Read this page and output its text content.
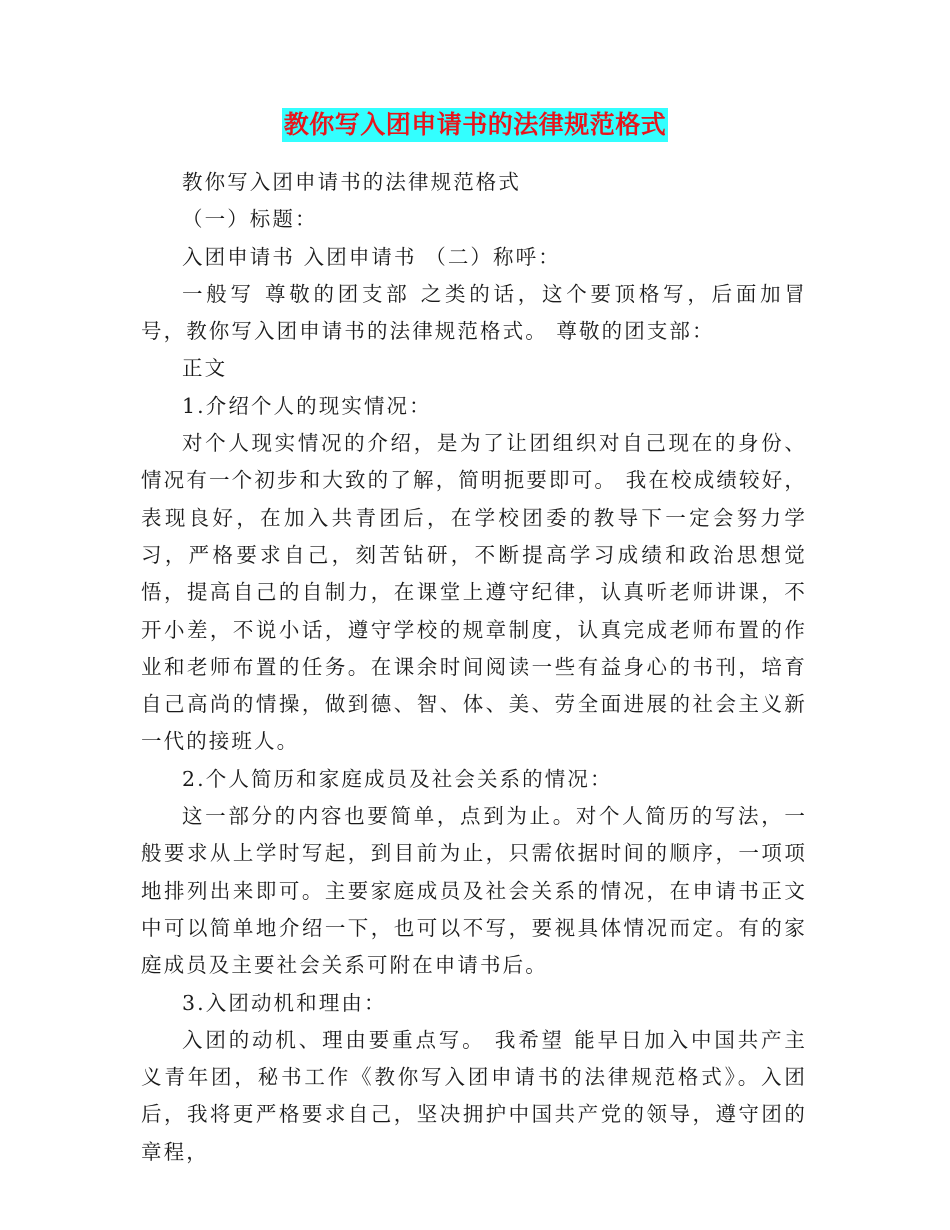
教你写入团申请书的法律规范格式

教你写入团申请书的法律规范格式

（一）标题：

入团申请书 入团申请书 （二）称呼：

一般写 尊敬的团支部 之类的话，这个要顶格写，后面加冒号，教你写入团申请书的法律规范格式。 尊敬的团支部：

正文

1.介绍个人的现实情况：

对个人现实情况的介绍，是为了让团组织对自己现在的身份、情况有一个初步和大致的了解，简明扼要即可。 我在校成绩较好，表现良好，在加入共青团后，在学校团委的教导下一定会努力学习，严格要求自己，刻苦钻研，不断提高学习成绩和政治思想觉悟，提高自己的自制力，在课堂上遵守纪律，认真听老师讲课，不开小差，不说小话，遵守学校的规章制度，认真完成老师布置的作业和老师布置的任务。在课余时间阅读一些有益身心的书刊，培育自己高尚的情操，做到德、智、体、美、劳全面进展的社会主义新一代的接班人。

2.个人简历和家庭成员及社会关系的情况：

这一部分的内容也要简单，点到为止。对个人简历的写法，一般要求从上学时写起，到目前为止，只需依据时间的顺序，一项项地排列出来即可。主要家庭成员及社会关系的情况，在申请书正文中可以简单地介绍一下，也可以不写，要视具体情况而定。有的家庭成员及主要社会关系可附在申请书后。

3.入团动机和理由：

入团的动机、理由要重点写。 我希望 能早日加入中国共产主义青年团，秘书工作《教你写入团申请书的法律规范格式》。入团后，我将更严格要求自己，坚决拥护中国共产党的领导，遵守团的章程，
